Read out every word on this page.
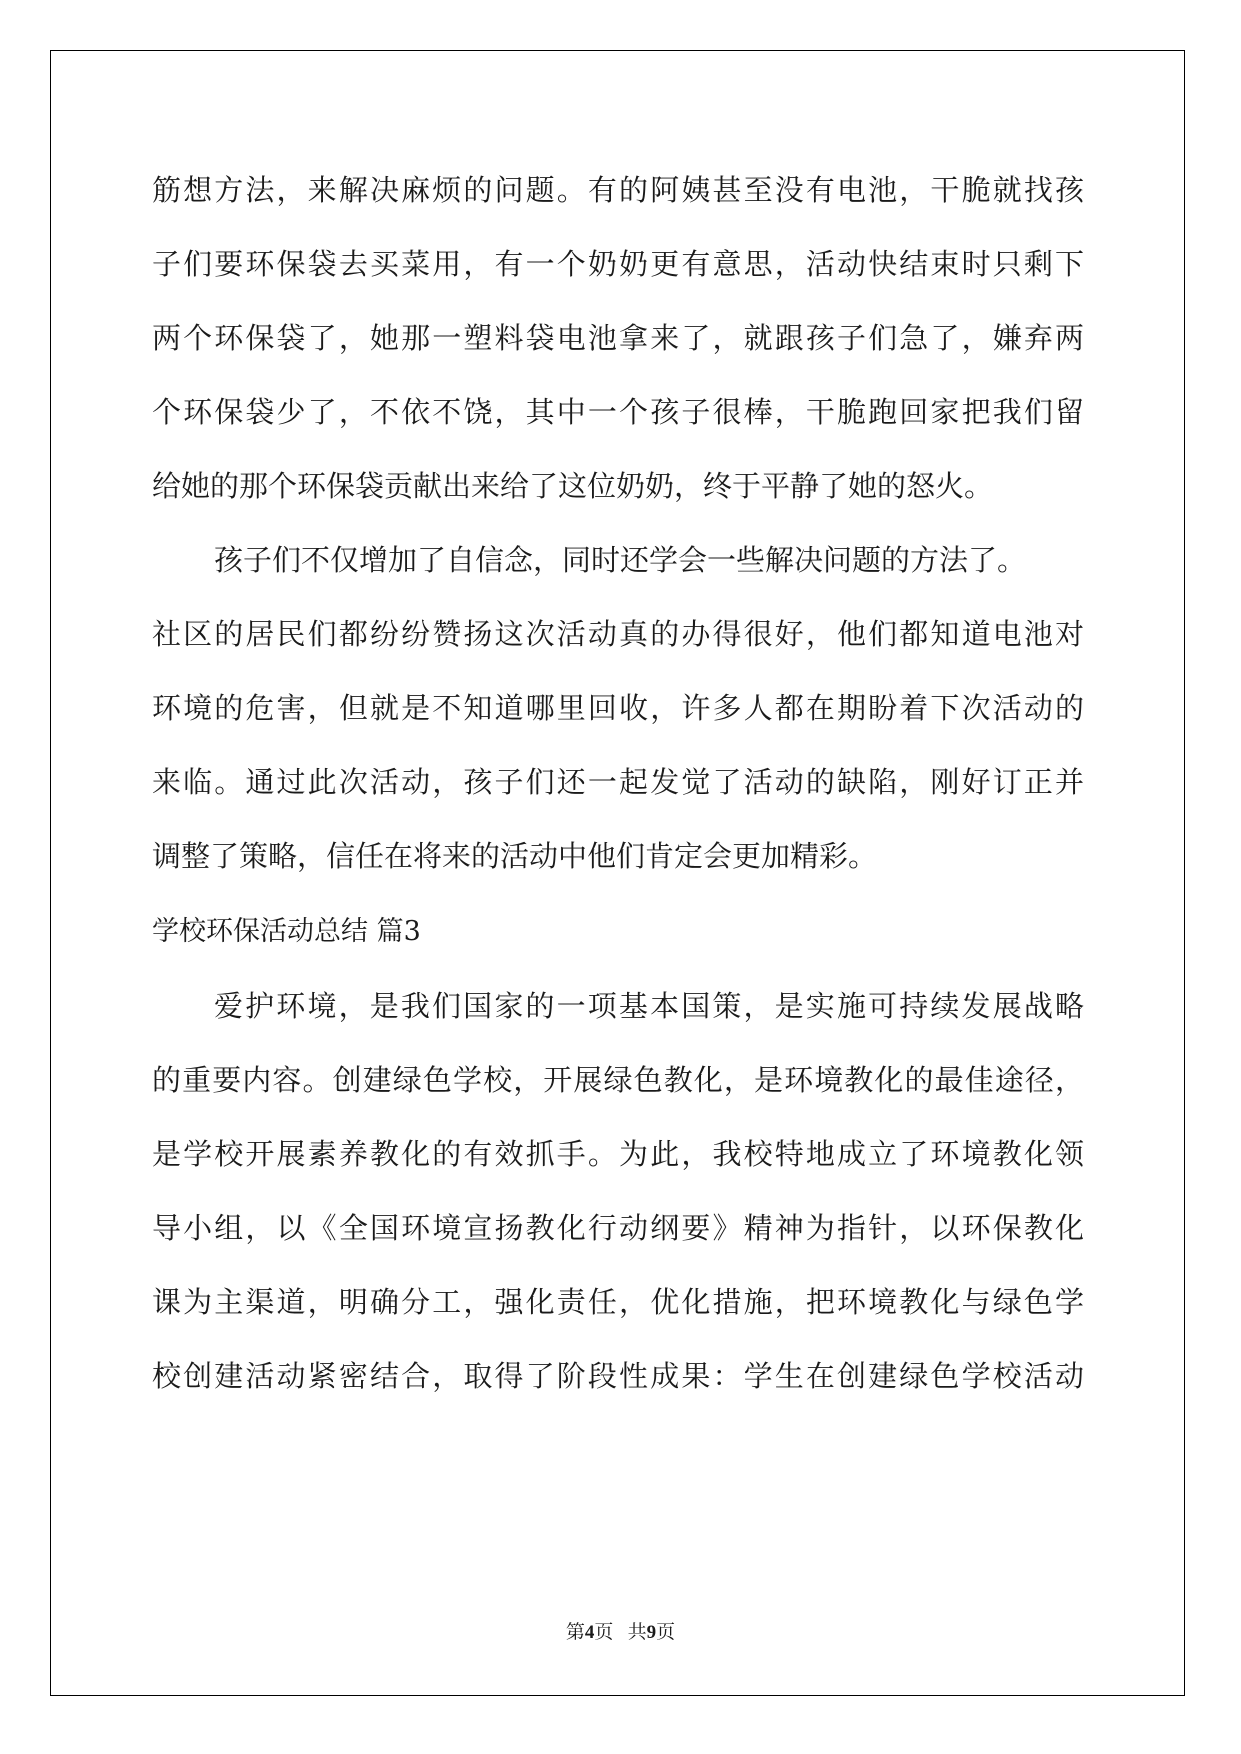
筋想方法，来解决麻烦的问题。有的阿姨甚至没有电池，干脆就找孩
子们要环保袋去买菜用，有一个奶奶更有意思，活动快结束时只剩下
两个环保袋了，她那一塑料袋电池拿来了，就跟孩子们急了，嫌弃两
个环保袋少了，不依不饶，其中一个孩子很棒，干脆跑回家把我们留
给她的那个环保袋贡献出来给了这位奶奶，终于平静了她的怒火。
孩子们不仅增加了自信念，同时还学会一些解决问题的方法了。
社区的居民们都纷纷赞扬这次活动真的办得很好，他们都知道电池对
环境的危害，但就是不知道哪里回收，许多人都在期盼着下次活动的
来临。通过此次活动，孩子们还一起发觉了活动的缺陷，刚好订正并
调整了策略，信任在将来的活动中他们肯定会更加精彩。
学校环保活动总结 篇3
爱护环境，是我们国家的一项基本国策，是实施可持续发展战略
的重要内容。创建绿色学校，开展绿色教化，是环境教化的最佳途径，
是学校开展素养教化的有效抓手。为此，我校特地成立了环境教化领
导小组，以《全国环境宣扬教化行动纲要》精神为指针，以环保教化
课为主渠道，明确分工，强化责任，优化措施，把环境教化与绿色学
校创建活动紧密结合，取得了阶段性成果：学生在创建绿色学校活动
第4页   共9页
